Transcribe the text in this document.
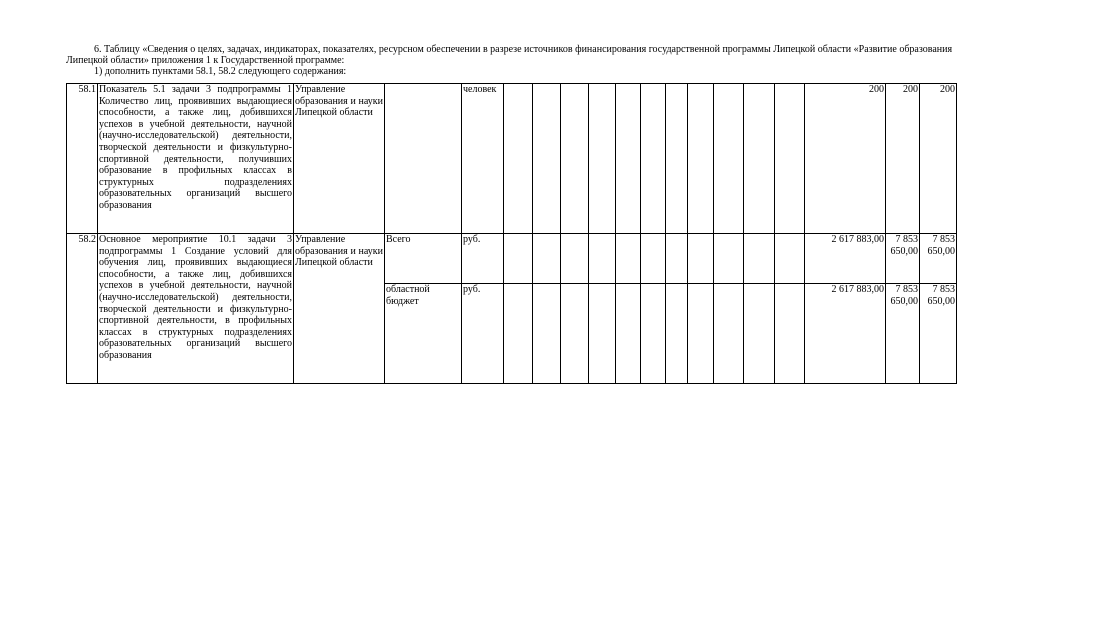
6. Таблицу «Сведения о целях, задачах, индикаторах, показателях, ресурсном обеспечении в разрезе источников финансирования государственной программы Липецкой области «Развитие образования Липецкой области» приложения 1 к Государственной программе:

1) дополнить пунктами 58.1, 58.2 следующего содержания:

58.1	Показатель 5.1 задачи 3 подпрограммы 1 Количество лиц, проявивших выдающиеся способности, а также лиц, добившихся успехов в учебной деятельности, научной (научно-исследовательской) деятельности, творческой деятельности и физкультурно-спортивной деятельности, получивших образование в профильных классах в структурных подразделениях образовательных организаций высшего образования	Управление образования и науки Липецкой области		человек												200	200	200
58.2	Основное мероприятие 10.1 задачи 3 подпрограммы 1 Создание условий для обучения лиц, проявивших выдающиеся способности, а также лиц, добившихся успехов в учебной деятельности, научной (научно-исследовательской) деятельности, творческой деятельности и физкультурно-спортивной деятельности, в профильных классах в структурных подразделениях образовательных организаций высшего образования	Управление образования и науки Липецкой области	Всего	руб.												2 617 883,00	7 853 650,00	7 853 650,00
			областной бюджет	руб.												2 617 883,00	7 853 650,00	7 853 650,00
